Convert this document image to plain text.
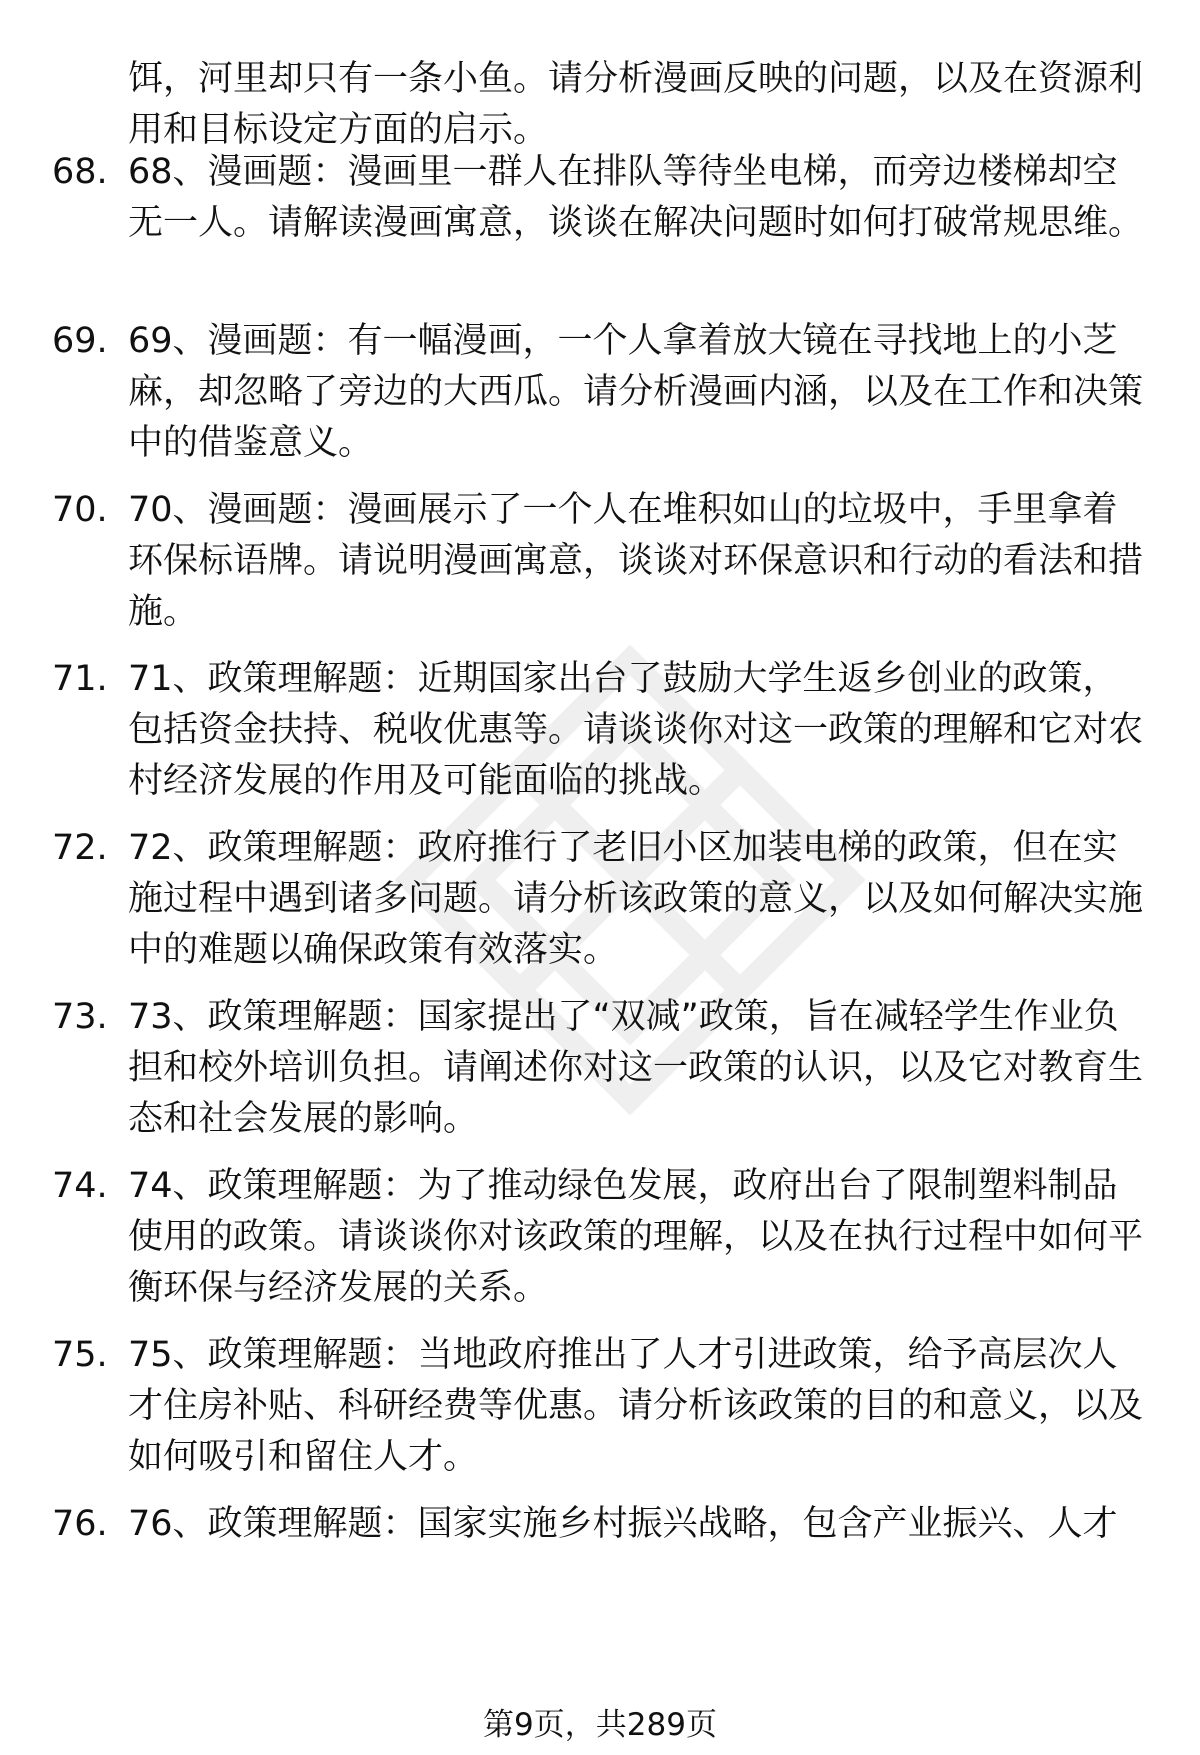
饵，河里却只有一条小鱼。请分析漫画反映的问题，以及在资源利用和目标设定方面的启示。
68. 68、漫画题：漫画里一群人在排队等待坐电梯，而旁边楼梯却空无一人。请解读漫画寓意，谈谈在解决问题时如何打破常规思维。
69. 69、漫画题：有一幅漫画，一个人拿着放大镜在寻找地上的小芝麻，却忽略了旁边的大西瓜。请分析漫画内涵，以及在工作和决策中的借鉴意义。
70. 70、漫画题：漫画展示了一个人在堆积如山的垃圾中，手里拿着环保标语牌。请说明漫画寓意，谈谈对环保意识和行动的看法和措施。
71. 71、政策理解题：近期国家出台了鼓励大学生返乡创业的政策，包括资金扶持、税收优惠等。请谈谈你对这一政策的理解和它对农村经济发展的作用及可能面临的挑战。
72. 72、政策理解题：政府推行了老旧小区加装电梯的政策，但在实施过程中遇到诸多问题。请分析该政策的意义，以及如何解决实施中的难题以确保政策有效落实。
73. 73、政策理解题：国家提出了“双减”政策，旨在减轻学生作业负担和校外培训负担。请阐述你对这一政策的认识，以及它对教育生态和社会发展的影响。
74. 74、政策理解题：为了推动绿色发展，政府出台了限制塑料制品使用的政策。请谈谈你对该政策的理解，以及在执行过程中如何平衡环保与经济发展的关系。
75. 75、政策理解题：当地政府推出了人才引进政策，给予高层次人才住房补贴、科研经费等优惠。请分析该政策的目的和意义，以及如何吸引和留住人才。
76. 76、政策理解题：国家实施乡村振兴战略，包含产业振兴、人才
第9页，共289页
